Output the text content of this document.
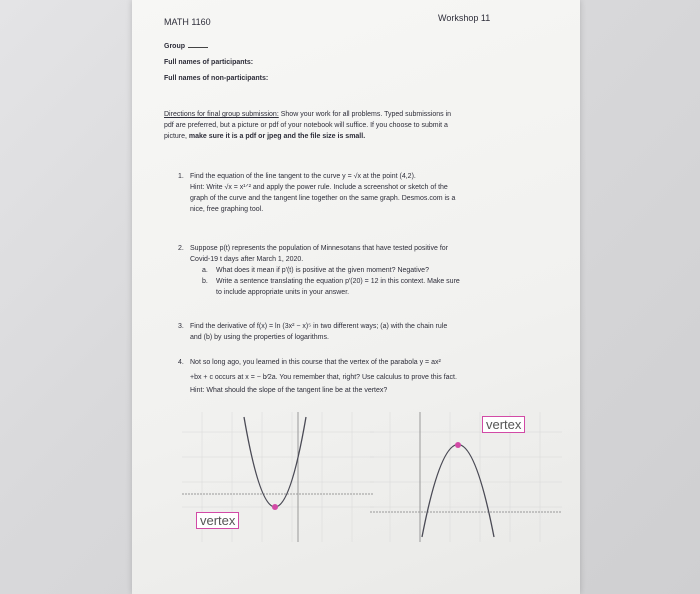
MATH 1160	Workshop 11
Group
Full names of participants:
Full names of non-participants:
Directions for final group submission: Show your work for all problems. Typed submissions in
pdf are preferred, but a picture or pdf of your notebook will suffice. If you choose to submit a
picture, make sure it is a pdf or jpeg and the file size is small.
1. Find the equation of the line tangent to the curve y = √x at the point (4,2).
Hint: Write √x = x¹ᐟ² and apply the power rule. Include a screenshot or sketch of the
graph of the curve and the tangent line together on the same graph. Desmos.com is a
nice, free graphing tool.
2. Suppose p(t) represents the population of Minnesotans that have tested positive for
Covid-19 t days after March 1, 2020.
a. What does it mean if p′(t) is positive at the given moment? Negative?
b. Write a sentence translating the equation p′(20) = 12 in this context. Make sure
to include appropriate units in your answer.
3. Find the derivative of f(x) = ln (3x² − x)⁵ in two different ways; (a) with the chain rule
and (b) by using the properties of logarithms.
4. Not so long ago, you learned in this course that the vertex of the parabola y = ax²
+bx + c occurs at x = − b⁄2a. You remember that, right? Use calculus to prove this fact.
Hint: What should the slope of the tangent line be at the vertex?
vertex
vertex
